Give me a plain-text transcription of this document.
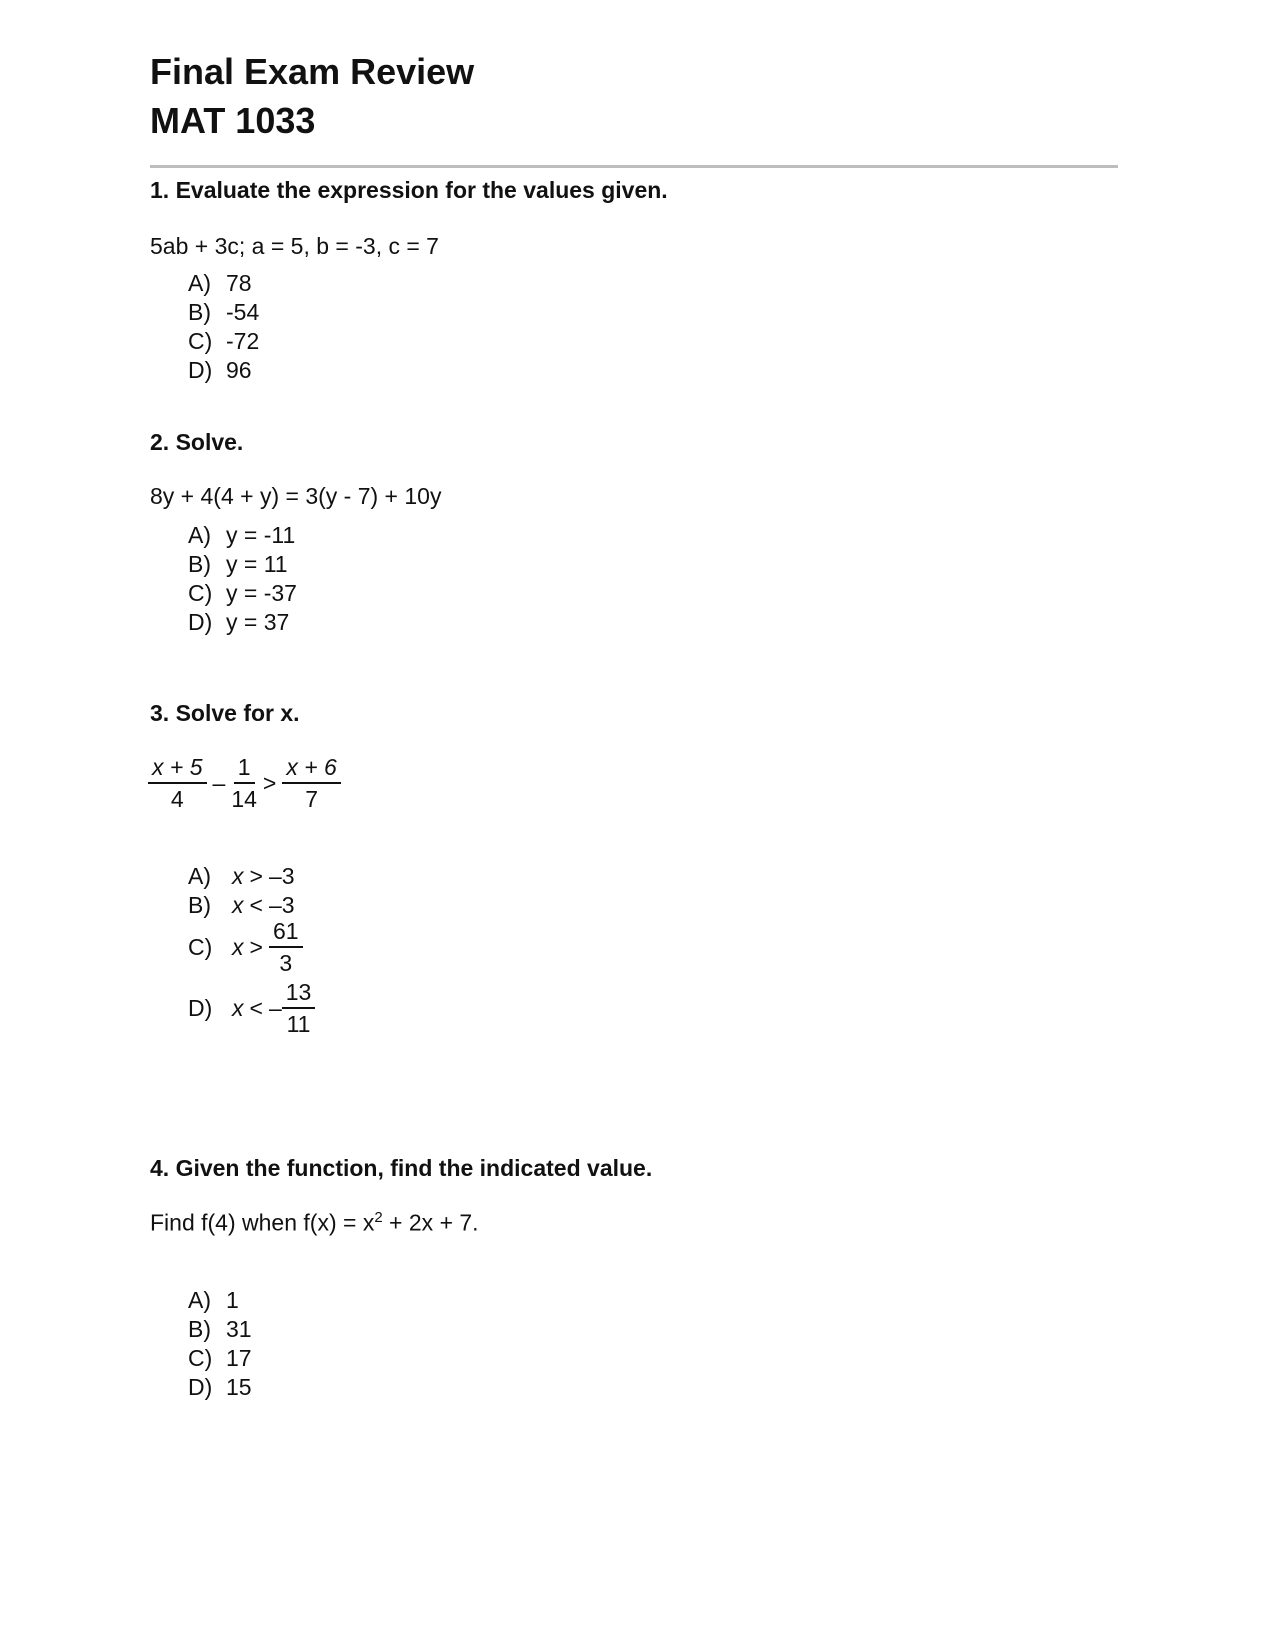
Final Exam Review
MAT 1033
1. Evaluate the expression for the values given.
5ab + 3c; a = 5, b = -3, c = 7
A) 78
B) -54
C) -72
D) 96
2. Solve.
8y + 4(4 + y) = 3(y - 7) + 10y
A) y = -11
B) y = 11
C) y = -37
D) y = 37
3. Solve for x.
$\frac{x + 5}{4} - \frac{1}{14} > \frac{x + 6}{7}$
A) x > –3
B) x < –3
C) $x > \frac{61}{3}$
D) x < – $\frac{13}{11}$
4. Given the function, find the indicated value.
Find f(4) when $f(x) = x^2 + 2x + 7$.
A) 1
B) 31
C) 17
D) 15
